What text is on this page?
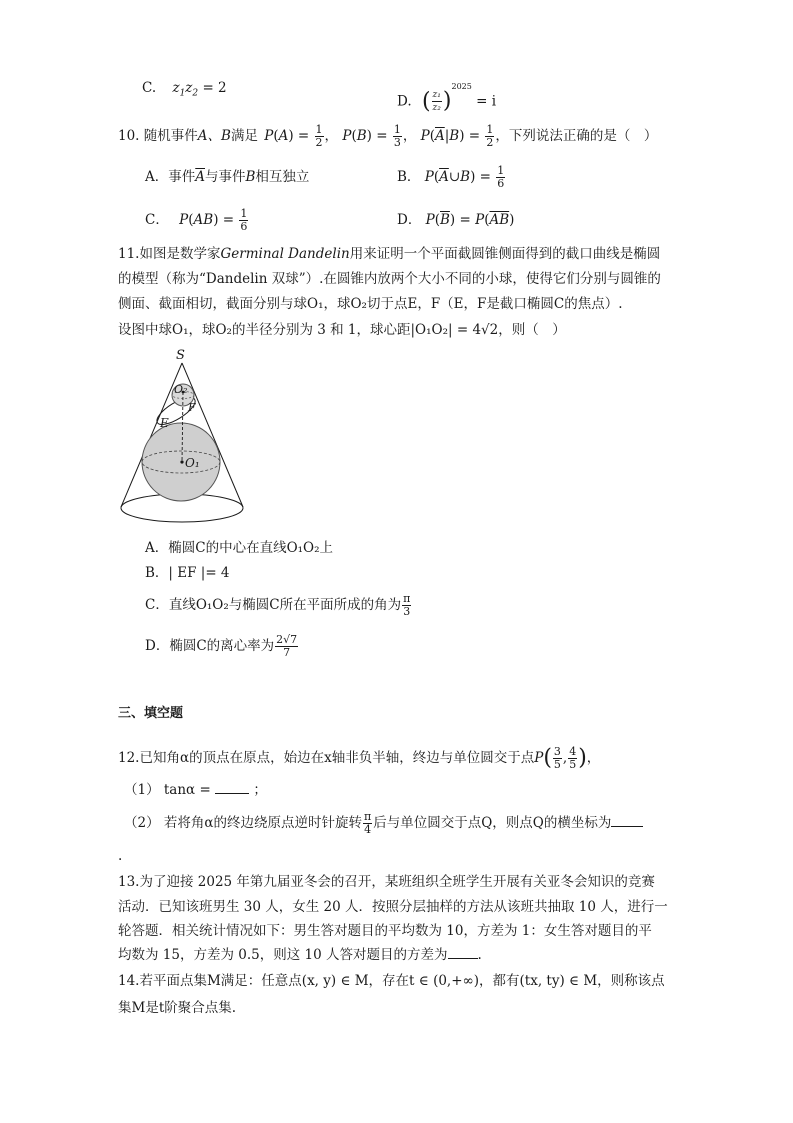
C. $z_1z_2 = 2$
D. ( $\frac{\text{z₁}}{\text{z₂}} )^{2025} = i$
10. 随机事件A、B满足 $P(A) = \frac{1}{2}$ ， $P(B) = \frac{1}{3}$ ， $P(\overline{A}|B) = \frac{1}{2}$ ，下列说法正确的是（　）
A．事件$\overline{A}$与事件B相互独立	B． $P(\overline{A}\cup B) = \frac{1}{6}$
C． $P(AB) = \frac{1}{6}$	D． $P(\overline{B}) = P(\overline{AB})$
11.如图是数学家Germinal Dandelin用来证明一个平面截圆锥侧面得到的截口曲线是椭圆
的模型（称为“Dandelin 双球”）.在圆锥内放两个大小不同的小球，使得它们分别与圆锥的
侧面、截面相切，截面分别与球O₁，球O₂切于点E，F（E，F是截口椭圆C的焦点）.
设图中球O₁，球O₂的半径分别为 3 和 1，球心距|O₁O₂| = 4√2，则（　）
S
O₂
F
E
O₁
A．椭圆C的中心在直线O₁O₂上
B．| EF |= 4
C．直线O₁O₂与椭圆C所在平面所成的角为 $\frac{\pi}{3}$
D．椭圆C的离心率为 $\frac{2√7}{7}$
三、填空题
12.已知角α的顶点在原点，始边在x轴非负半轴，终边与单位圆交于点$P( \frac{3}{5}$ , $\frac{4}{5}$ )，
（1） tanα =	；
（2） 若将角α的终边绕原点逆时针旋转 $\frac{\pi}{4}$ 后与单位圆交于点Q，则点Q的横坐标为
.
13.为了迎接 2025 年第九届亚冬会的召开，某班组织全班学生开展有关亚冬会知识的竞赛
活动．已知该班男生 30 人，女生 20 人．按照分层抽样的方法从该班共抽取 10 人，进行一
轮答题．相关统计情况如下：男生答对题目的平均数为 10，方差为 1：女生答对题目的平
均数为 15，方差为 0.5，则这 10 人答对题目的方差为 .
14.若平面点集M满足：任意点(x, y) ∈ M，存在t ∈ (0,+∞)，都有(tx, ty) ∈ M，则称该点
集M是t阶聚合点集.
